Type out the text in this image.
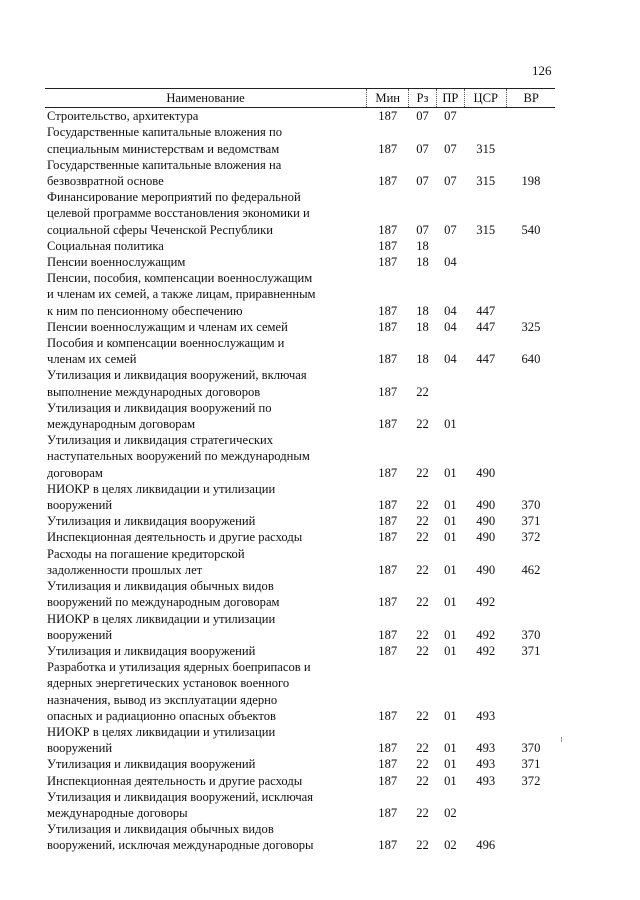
126
Наименование	Мин	Рз	ПР	ЦСР	ВР

Строительство, архитектура	187	07	07		

Государственные капитальные вложения по
специальным министерствам и ведомствам	187	07	07	315	

Государственные капитальные вложения на
безвозвратной основе	187	07	07	315	198

Финансирование мероприятий по федеральной
целевой программе восстановления экономики и
социальной сферы Чеченской Республики	187	07	07	315	540

Социальная политика	187	18			

Пенсии военнослужащим	187	18	04		

Пенсии, пособия, компенсации военнослужащим
и членам их семей, а также лицам, приравненным
к ним по пенсионному обеспечению	187	18	04	447	

Пенсии военнослужащим и членам их семей	187	18	04	447	325

Пособия и компенсации военнослужащим и
членам их семей	187	18	04	447	640

Утилизация и ликвидация вооружений, включая
выполнение международных договоров	187	22			

Утилизация и ликвидация вооружений по
международным договорам	187	22	01		

Утилизация и ликвидация стратегических
наступательных вооружений по международным
договорам	187	22	01	490	

НИОКР в целях ликвидации и утилизации
вооружений	187	22	01	490	370

Утилизация и ликвидация вооружений	187	22	01	490	371

Инспекционная деятельность и другие расходы	187	22	01	490	372

Расходы на погашение кредиторской
задолженности прошлых лет	187	22	01	490	462

Утилизация и ликвидация обычных видов
вооружений по международным договорам	187	22	01	492	

НИОКР в целях ликвидации и утилизации
вооружений	187	22	01	492	370

Утилизация и ликвидация вооружений	187	22	01	492	371

Разработка и утилизация ядерных боеприпасов и
ядерных энергетических установок военного
назначения, вывод из эксплуатации ядерно
опасных и радиационно опасных объектов	187	22	01	493	

НИОКР в целях ликвидации и утилизации
вооружений	187	22	01	493	370

Утилизация и ликвидация вооружений	187	22	01	493	371

Инспекционная деятельность и другие расходы	187	22	01	493	372

Утилизация и ликвидация вооружений, исключая
международные договоры	187	22	02		

Утилизация и ликвидация обычных видов
вооружений, исключая международные договоры	187	22	02	496	
